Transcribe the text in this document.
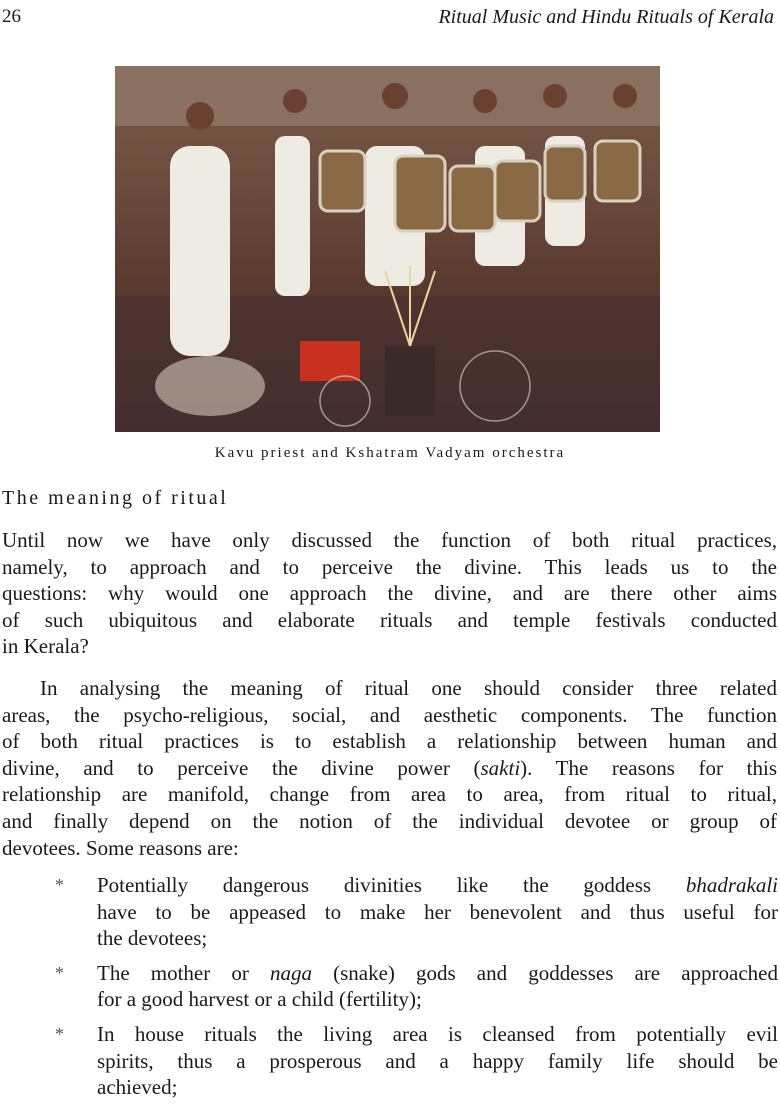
26	Ritual Music and Hindu Rituals of Kerala
Kavu priest and Kshatram Vadyam orchestra
The meaning of ritual
Until now we have only discussed the function of both ritual practices,
namely, to approach and to perceive the divine. This leads us to the
questions: why would one approach the divine, and are there other aims
of such ubiquitous and elaborate rituals and temple festivals conducted
in Kerala?
In analysing the meaning of ritual one should consider three related
areas, the psycho-religious, social, and aesthetic components. The function
of both ritual practices is to establish a relationship between human and
divine, and to perceive the divine power (sakti). The reasons for this
relationship are manifold, change from area to area, from ritual to ritual,
and finally depend on the notion of the individual devotee or group of
devotees. Some reasons are:
* Potentially dangerous divinities like the goddess bhadrakali
have to be appeased to make her benevolent and thus useful for
the devotees;
* The mother or naga (snake) gods and goddesses are approached
for a good harvest or a child (fertility);
* In house rituals the living area is cleansed from potentially evil
spirits, thus a prosperous and a happy family life should be
achieved;
